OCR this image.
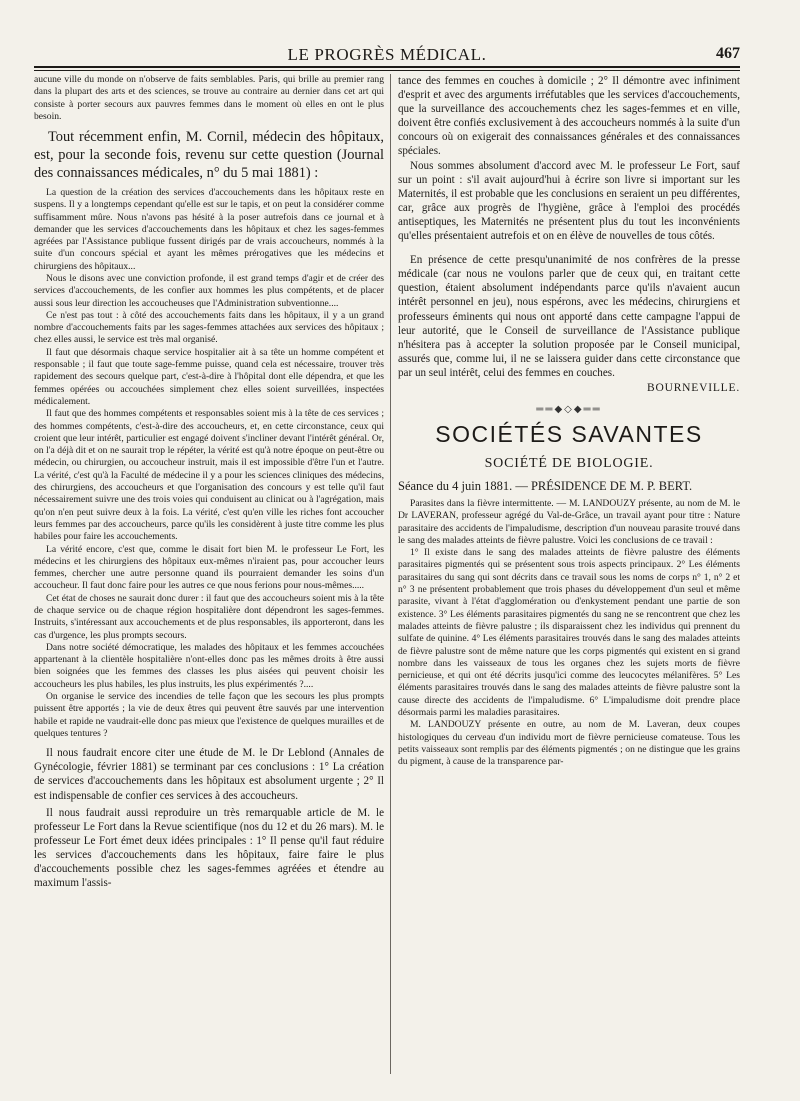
LE PROGRÈS MÉDICAL.	467

aucune ville du monde on n'observe de faits semblables. Paris, qui brille au premier rang dans la plupart des arts et des sciences, se trouve au contraire au dernier dans cet art qui consiste à porter secours aux pauvres femmes dans le moment où elles en ont le plus besoin.

Tout récemment enfin, M. Cornil, médecin des hôpitaux, est, pour la seconde fois, revenu sur cette question (Journal des connaissances médicales, n° du 5 mai 1881) :

La question de la création des services d'accouchements dans les hôpitaux reste en suspens. Il y a longtemps cependant qu'elle est sur le tapis, et on peut la considérer comme suffisamment mûre. Nous n'avons pas hésité à la poser autrefois dans ce journal et à demander que les services d'accouchements dans les hôpitaux et chez les sages-femmes agréées par l'Assistance publique fussent dirigés par de vrais accoucheurs, nommés à la suite d'un concours spécial et ayant les mêmes prérogatives que les médecins et chirurgiens des hôpitaux...

Nous le disons avec une conviction profonde, il est grand temps d'agir et de créer des services d'accouchements, de les confier aux hommes les plus compétents, et de placer aussi sous leur direction les accoucheuses que l'Administration subventionne....

Ce n'est pas tout : à côté des accouchements faits dans les hôpitaux, il y a un grand nombre d'accouchements faits par les sages-femmes attachées aux services des hôpitaux ; chez elles aussi, le service est très mal organisé.

Il faut que désormais chaque service hospitalier ait à sa tête un homme compétent et responsable ; il faut que toute sage-femme puisse, quand cela est nécessaire, trouver très rapidement des secours quelque part, c'est-à-dire à l'hôpital dont elle dépendra, et que les femmes opérées ou accouchées simplement chez elles soient surveillées, inspectées médicalement.

Il faut que des hommes compétents et responsables soient mis à la tête de ces services ; des hommes compétents, c'est-à-dire des accoucheurs, et, en cette circonstance, ceux qui croient que leur intérêt, particulier est engagé doivent s'incliner devant l'intérêt général. Or, on l'a déjà dit et on ne saurait trop le répéter, la vérité est qu'à notre époque on peut-être ou médecin, ou chirurgien, ou accoucheur instruit, mais il est impossible d'être l'un et l'autre. La vérité, c'est qu'à la Faculté de médecine il y a pour les sciences cliniques des médecins, des chirurgiens, des accoucheurs et que l'organisation des concours y est telle qu'il faut nécessairement suivre une des trois voies qui conduisent au clinicat ou à l'agrégation, mais qu'on n'en peut suivre deux à la fois. La vérité, c'est qu'en ville les riches font accoucher leurs femmes par des accoucheurs, parce qu'ils les considèrent à juste titre comme les plus habiles pour faire les accouchements.

La vérité encore, c'est que, comme le disait fort bien M. le professeur Le Fort, les médecins et les chirurgiens des hôpitaux eux-mêmes n'iraient pas, pour accoucher leurs femmes, chercher une autre personne quand ils pourraient demander les soins d'un accoucheur. Il faut donc faire pour les autres ce que nous ferions pour nous-mêmes.....

Cet état de choses ne saurait donc durer : il faut que des accoucheurs soient mis à la tête de chaque service ou de chaque région hospitalière dont dépendront les sages-femmes. Instruits, s'intéressant aux accouchements et de plus responsables, ils apporteront, dans les cas d'urgence, les plus prompts secours.

Dans notre société démocratique, les malades des hôpitaux et les femmes accouchées appartenant à la clientèle hospitalière n'ont-elles donc pas les mêmes droits à être aussi bien soignées que les femmes des classes les plus aisées qui peuvent choisir les accoucheurs les plus habiles, les plus instruits, les plus expérimentés ?....

On organise le service des incendies de telle façon que les secours les plus prompts puissent être apportés ; la vie de deux êtres qui peuvent être sauvés par une intervention habile et rapide ne vaudrait-elle donc pas mieux que l'existence de quelques murailles et de quelques tentures ?

Il nous faudrait encore citer une étude de M. le Dr Leblond (Annales de Gynécologie, février 1881) se terminant par ces conclusions : 1° La création de services d'accouchements dans les hôpitaux est absolument urgente ; 2° Il est indispensable de confier ces services à des accoucheurs.

Il nous faudrait aussi reproduire un très remarquable article de M. le professeur Le Fort dans la Revue scientifique (nos du 12 et du 26 mars). M. le professeur Le Fort émet deux idées principales : 1° Il pense qu'il faut réduire les services d'accouchements dans les hôpitaux, faire faire le plus d'accouchements possible chez les sages-femmes agréées et étendre au maximum l'assis-

tance des femmes en couches à domicile ; 2° Il démontre avec infiniment d'esprit et avec des arguments irréfutables que les services d'accouchements, que la surveillance des accouchements chez les sages-femmes et en ville, doivent être confiés exclusivement à des accoucheurs nommés à la suite d'un concours où on exigerait des connaissances générales et des connaissances spéciales.

Nous sommes absolument d'accord avec M. le professeur Le Fort, sauf sur un point : s'il avait aujourd'hui à écrire son livre si important sur les Maternités, il est probable que les conclusions en seraient un peu différentes, car, grâce aux progrès de l'hygiène, grâce à l'emploi des procédés antiseptiques, les Maternités ne présentent plus du tout les inconvénients qu'elles présentaient autrefois et on en élève de nouvelles de tous côtés.

En présence de cette presqu'unanimité de nos confrères de la presse médicale (car nous ne voulons parler que de ceux qui, en traitant cette question, étaient absolument indépendants parce qu'ils n'avaient aucun intérêt personnel en jeu), nous espérons, avec les médecins, chirurgiens et professeurs éminents qui nous ont apporté dans cette campagne l'appui de leur autorité, que le Conseil de surveillance de l'Assistance publique n'hésitera pas à accepter la solution proposée par le Conseil municipal, assurés que, comme lui, il ne se laissera guider dans cette circonstance que par un seul intérêt, celui des femmes en couches.

BOURNEVILLE.
══◆◇◆══
SOCIÉTÉS SAVANTES
SOCIÉTÉ DE BIOLOGIE.
Séance du 4 juin 1881. — PRÉSIDENCE DE M. P. BERT.

Parasites dans la fièvre intermittente. — M. LANDOUZY présente, au nom de M. le Dr LAVERAN, professeur agrégé du Val-de-Grâce, un travail ayant pour titre : Nature parasitaire des accidents de l'impaludisme, description d'un nouveau parasite trouvé dans le sang des malades atteints de fièvre palustre. Voici les conclusions de ce travail :

1° Il existe dans le sang des malades atteints de fièvre palustre des éléments parasitaires pigmentés qui se présentent sous trois aspects principaux. 2° Les éléments parasitaires du sang qui sont décrits dans ce travail sous les noms de corps n° 1, n° 2 et n° 3 ne présentent probablement que trois phases du développement d'un seul et même parasite, vivant à l'état d'agglomération ou d'enkystement pendant une partie de son existence. 3° Les éléments parasitaires pigmentés du sang ne se rencontrent que chez les malades atteints de fièvre palustre ; ils disparaissent chez les individus qui prennent du sulfate de quinine. 4° Les éléments parasitaires trouvés dans le sang des malades atteints de fièvre palustre sont de même nature que les corps pigmentés qui existent en si grand nombre dans les vaisseaux de tous les organes chez les sujets morts de fièvre pernicieuse, et qui ont été décrits jusqu'ici comme des leucocytes mélanifères. 5° Les éléments parasitaires trouvés dans le sang des malades atteints de fièvre palustre sont la cause directe des accidents de l'impaludisme. 6° L'impaludisme doit prendre place désormais parmi les maladies parasitaires.

M. LANDOUZY présente en outre, au nom de M. Laveran, deux coupes histologiques du cerveau d'un individu mort de fièvre pernicieuse comateuse. Tous les petits vaisseaux sont remplis par des éléments pigmentés ; on ne distingue que les grains du pigment, à cause de la transparence par-
